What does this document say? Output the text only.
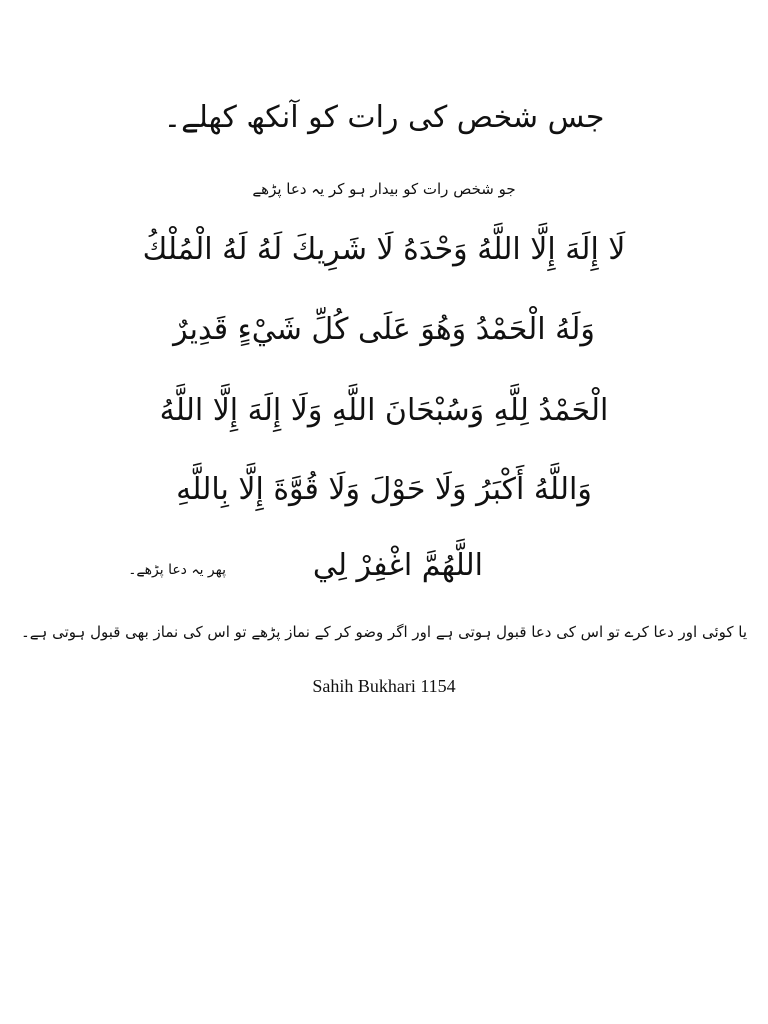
جس شخص کی رات کو آنکھ کھلے۔
جو شخص رات کو بیدار ہو کر یہ دعا پڑھے
لَا إِلَهَ إِلَّا اللَّهُ وَحْدَهُ لَا شَرِيكَ لَهُ لَهُ الْمُلْكُ
وَلَهُ الْحَمْدُ وَهُوَ عَلَى كُلِّ شَيْءٍ قَدِيرٌ
الْحَمْدُ لِلَّهِ وَسُبْحَانَ اللَّهِ وَلَا إِلَهَ إِلَّا اللَّهُ
وَاللَّهُ أَكْبَرُ وَلَا حَوْلَ وَلَا قُوَّةَ إِلَّا بِاللَّهِ
اللَّهُمَّ اغْفِرْ لِي
پھر یہ دعا پڑھے۔
یا کوئی اور دعا کرے تو اس کی دعا قبول ہوتی ہے اور اگر وضو کر کے نماز پڑھے تو اس کی نماز بھی قبول ہوتی ہے۔
Sahih Bukhari 1154
